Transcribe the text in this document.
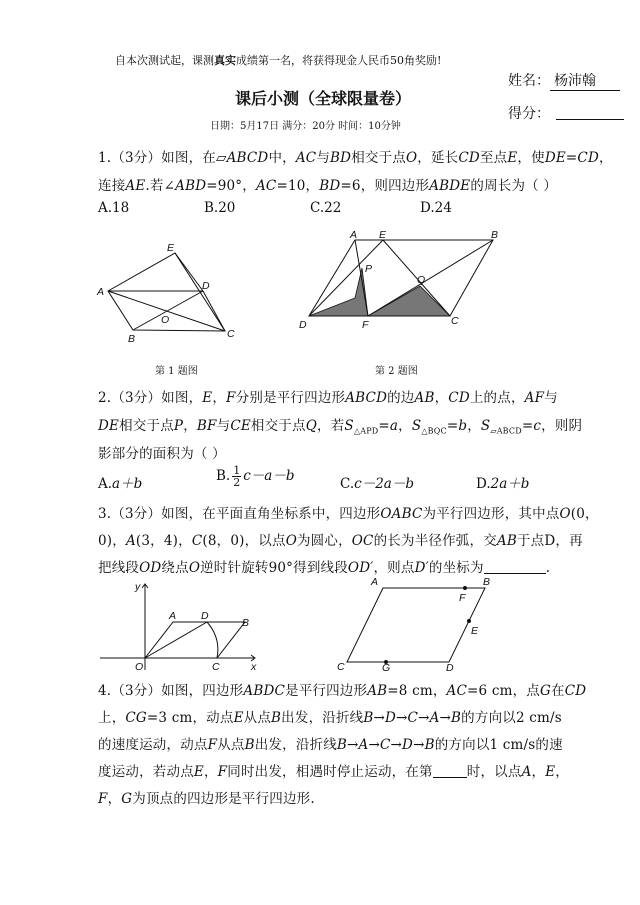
自本次测试起，课测真实成绩第一名，将获得现金人民币50角奖励!
姓名： 杨沛翰
课后小测（全球限量卷）
得分：
日期：5月17日 满分：20分 时间：10分钟
1.（3分）如图，在▱ABCD中，AC与BD相交于点O，延长CD至点E，使DE=CD，
连接AE.若∠ABD=90°，AC=10，BD=6，则四边形ABDE的周长为（ ）
A.18	B.20	C.22	D.24
E
A	D
O
B	C
第 1 题图
A E	B
P
Q
D	F	C
第 2 题图
2.（3分）如图，E，F分别是平行四边形ABCD的边AB，CD上的点，AF与
DE相交于点P，BF与CE相交于点Q，若$S_{\triangle APD}=a$，$S_{\triangle BQC}=b$，$S_{▱ABCD}=c$，则阴
影部分的面积为（ ）
A.a＋b	B. $\frac{1}{2} c-a-b$	C.c－2a－b	D.2a＋b
3.（3分）如图，在平面直角坐标系中，四边形OABC为平行四边形，其中点O(0，
0)，A(3，4)，C(8，0)，以点O为圆心，OC的长为半径作弧，交AB于点D，再
把线段OD绕点O逆时针旋转90°得到线段OD′，则点D′的坐标为	.
y
x
O
A D
B
C
A	B
F
E
C	G	D
4.（3分）如图，四边形ABDC是平行四边形AB=8 cm，AC=6 cm，点G在CD
上，CG=3 cm，动点E从点B出发，沿折线B→D→C→A→B的方向以2 cm/s
的速度运动，动点F从点B出发，沿折线B→A→C→D→B的方向以1 cm/s的速
度运动，若动点E，F同时出发，相遇时停止运动，在第	时，以点A，E，
F，G为顶点的四边形是平行四边形.
